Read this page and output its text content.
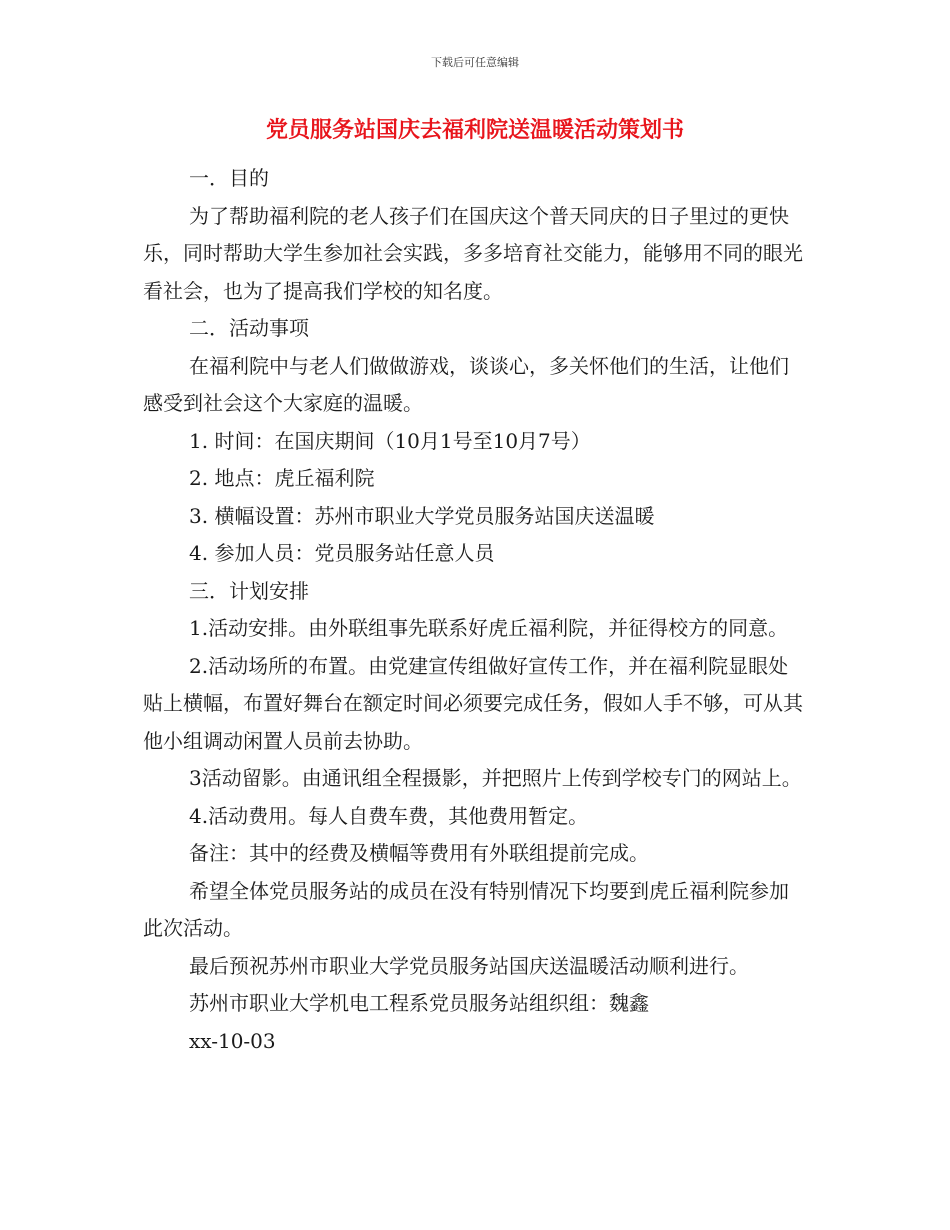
下载后可任意编辑
党员服务站国庆去福利院送温暖活动策划书

一．目的

为了帮助福利院的老人孩子们在国庆这个普天同庆的日子里过的更快乐，同时帮助大学生参加社会实践，多多培育社交能力，能够用不同的眼光看社会，也为了提高我们学校的知名度。

二．活动事项

在福利院中与老人们做做游戏，谈谈心，多关怀他们的生活，让他们感受到社会这个大家庭的温暖。

1. 时间：在国庆期间（10月1号至10月7号）

2. 地点：虎丘福利院

3. 横幅设置：苏州市职业大学党员服务站国庆送温暖

4. 参加人员：党员服务站任意人员

三．计划安排

1.活动安排。由外联组事先联系好虎丘福利院，并征得校方的同意。

2.活动场所的布置。由党建宣传组做好宣传工作，并在福利院显眼处贴上横幅，布置好舞台在额定时间必须要完成任务，假如人手不够，可从其他小组调动闲置人员前去协助。

3活动留影。由通讯组全程摄影，并把照片上传到学校专门的网站上。

4.活动费用。每人自费车费，其他费用暂定。

备注：其中的经费及横幅等费用有外联组提前完成。

希望全体党员服务站的成员在没有特别情况下均要到虎丘福利院参加此次活动。

最后预祝苏州市职业大学党员服务站国庆送温暖活动顺利进行。

苏州市职业大学机电工程系党员服务站组织组：魏鑫

xx-10-03
